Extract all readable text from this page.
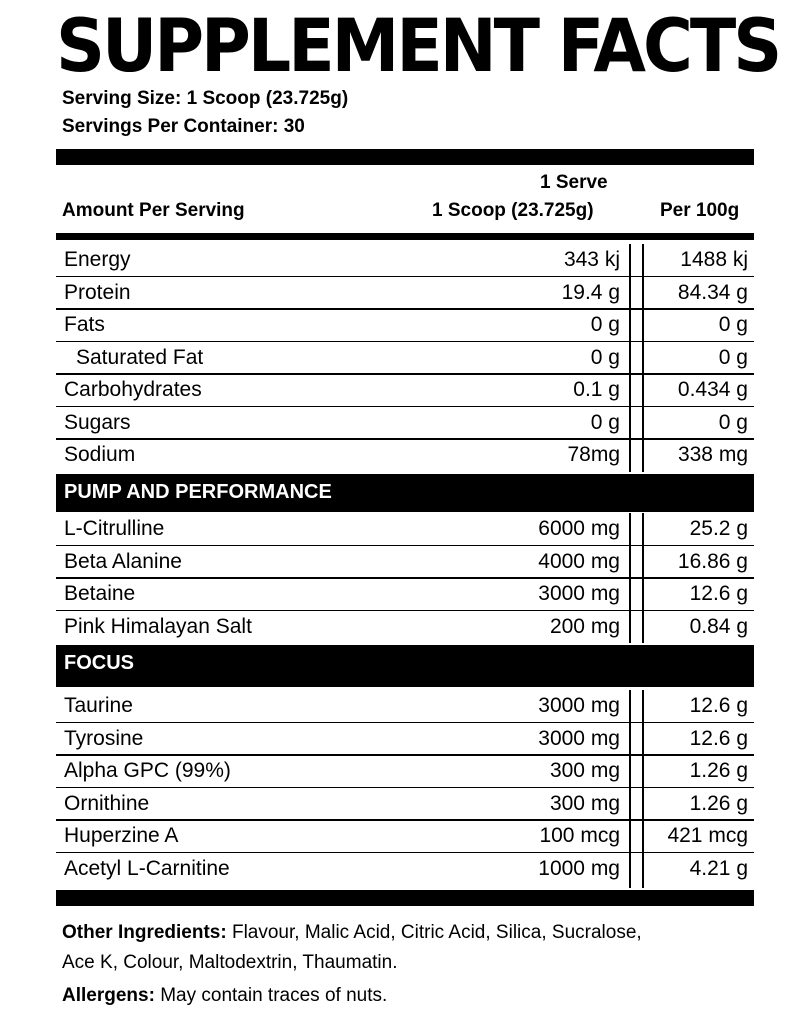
SUPPLEMENT FACTS
Serving Size: 1 Scoop (23.725g)
Servings Per Container: 30
Amount Per Serving
1 Serve
1 Scoop (23.725g)	Per 100g
Energy	343 kj	1488 kj
Protein	19.4 g	84.34 g
Fats	0 g	0 g
Saturated Fat	0 g	0 g
Carbohydrates	0.1 g	0.434 g
Sugars	0 g	0 g
Sodium	78mg	338 mg
PUMP AND PERFORMANCE
L-Citrulline	6000 mg	25.2 g
Beta Alanine	4000 mg	16.86 g
Betaine	3000 mg	12.6 g
Pink Himalayan Salt	200 mg	0.84 g
FOCUS
Taurine	3000 mg	12.6 g
Tyrosine	3000 mg	12.6 g
Alpha GPC (99%)	300 mg	1.26 g
Ornithine	300 mg	1.26 g
Huperzine A	100 mcg 421 mcg
Acetyl L-Carnitine	1000 mg	4.21 g
Other Ingredients: Flavour, Malic Acid, Citric Acid, Silica, Sucralose,
Ace K, Colour, Maltodextrin, Thaumatin.
Allergens: May contain traces of nuts.
